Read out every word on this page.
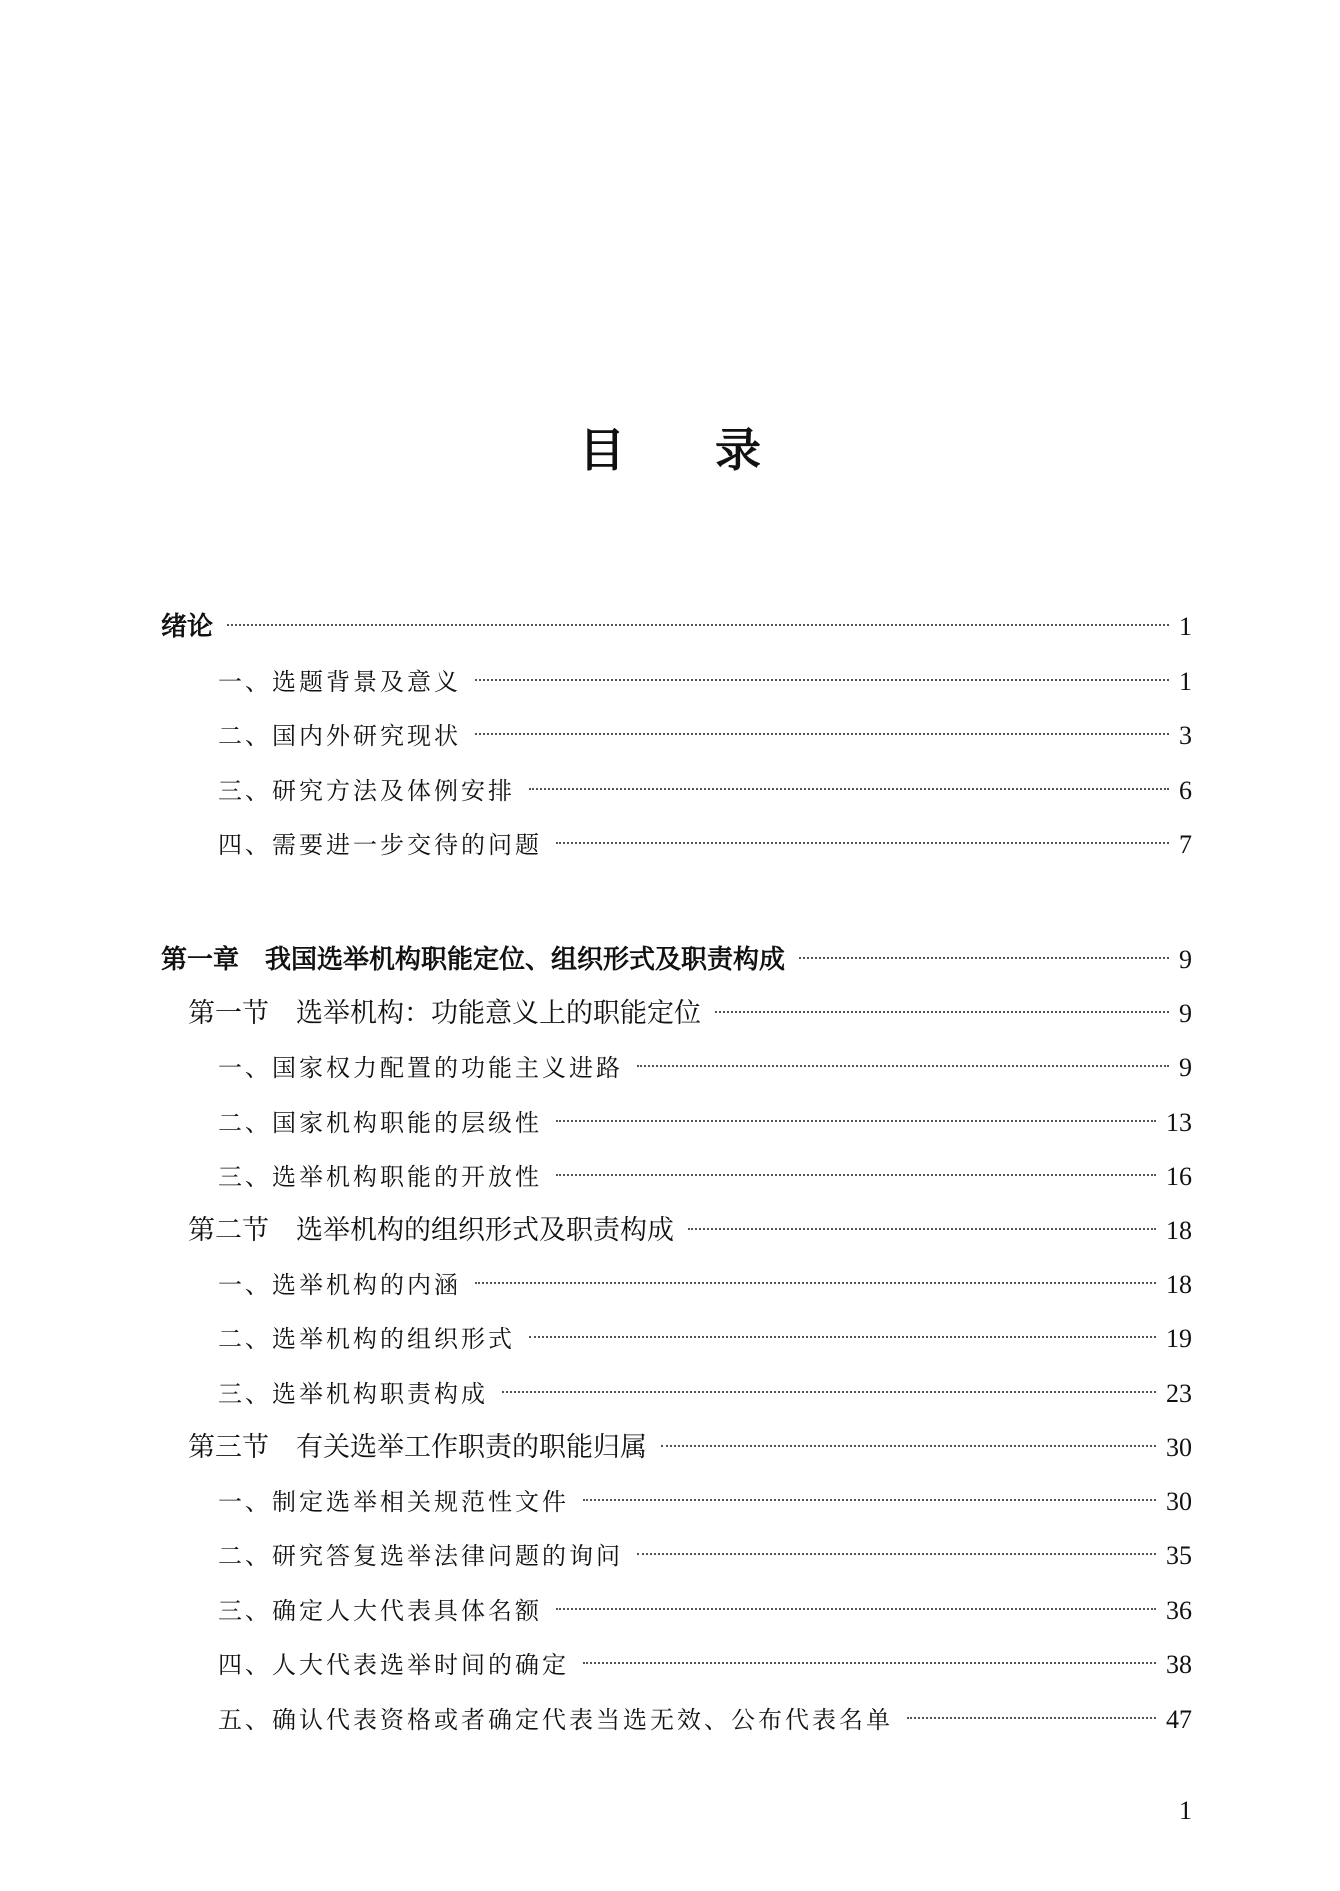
目录
绪论	1
一、选题背景及意义	1
二、国内外研究现状	3
三、研究方法及体例安排	6
四、需要进一步交待的问题	7
第一章　我国选举机构职能定位、组织形式及职责构成	9
第一节　选举机构：功能意义上的职能定位	9
一、国家权力配置的功能主义进路	9
二、国家机构职能的层级性	13
三、选举机构职能的开放性	16
第二节　选举机构的组织形式及职责构成	18
一、选举机构的内涵	18
二、选举机构的组织形式	19
三、选举机构职责构成	23
第三节　有关选举工作职责的职能归属	30
一、制定选举相关规范性文件	30
二、研究答复选举法律问题的询问	35
三、确定人大代表具体名额	36
四、人大代表选举时间的确定	38
五、确认代表资格或者确定代表当选无效、公布代表名单	47
1
